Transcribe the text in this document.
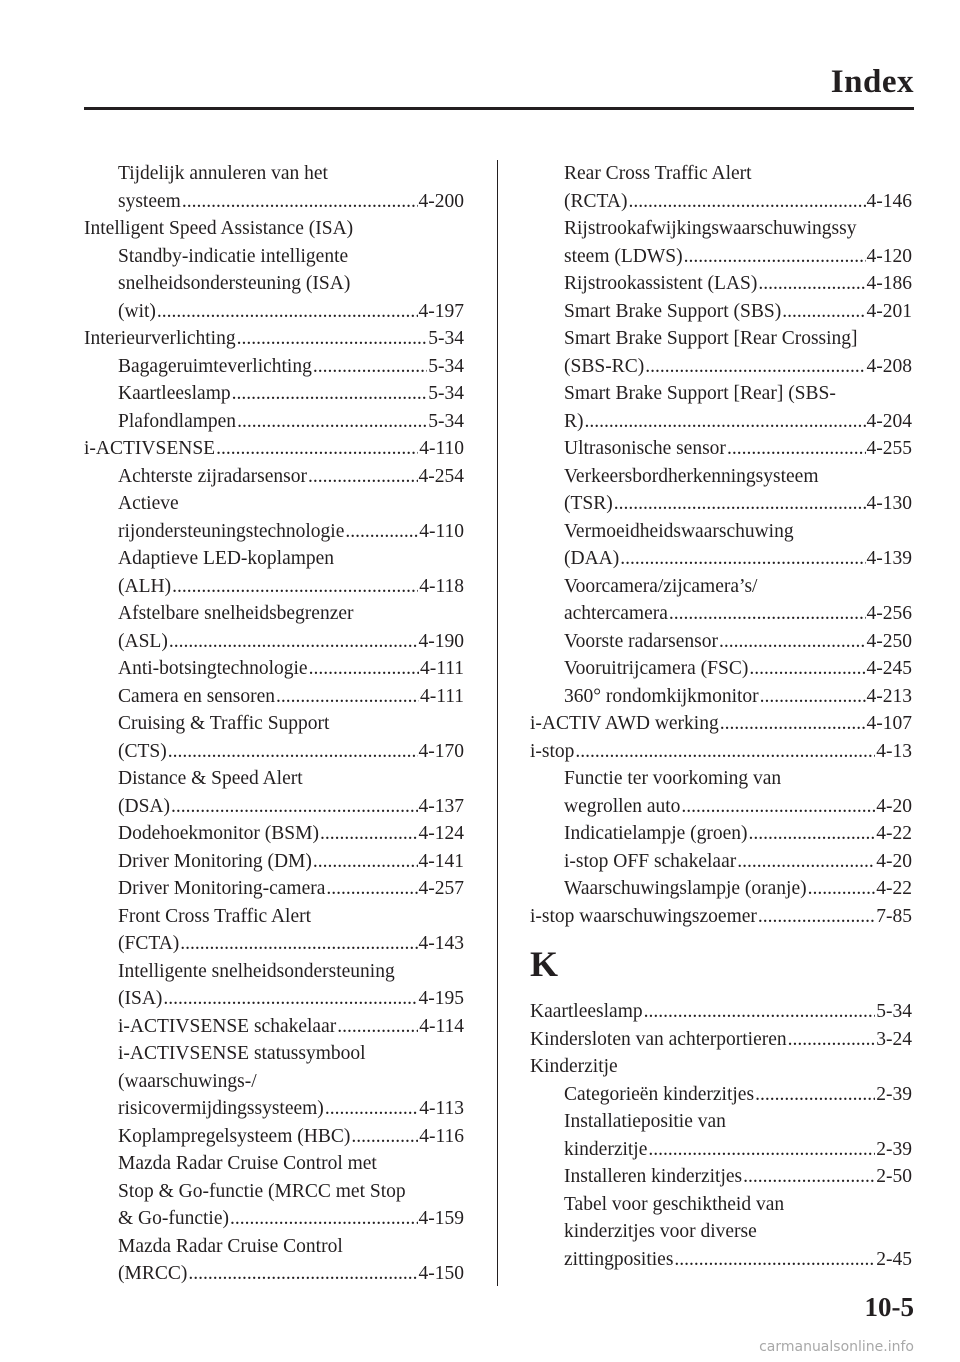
Index
Tijdelijk annuleren van het
systeem .....	4-200
Intelligent Speed Assistance (ISA)
Standby-indicatie intelligente
snelheidsondersteuning (ISA)
(wit) .....	4-197
Interieurverlichting .....	5-34
Bagageruimteverlichting .....	5-34
Kaartleeslamp .....	5-34
Plafondlampen .....	5-34
i-ACTIVSENSE .....	4-110
Achterste zijradarsensor .....	4-254
Actieve
rijondersteuningstechnologie .....	4-110
Adaptieve LED-koplampen
(ALH) .....	4-118
Afstelbare snelheidsbegrenzer
(ASL) .....	4-190
Anti-botsingtechnologie .....	4-111
Camera en sensoren .....	4-111
Cruising & Traffic Support
(CTS) .....	4-170
Distance & Speed Alert
(DSA) .....	4-137
Dodehoekmonitor (BSM) .....	4-124
Driver Monitoring (DM) .....	4-141
Driver Monitoring-camera .....	4-257
Front Cross Traffic Alert
(FCTA) .....	4-143
Intelligente snelheidsondersteuning
(ISA) .....	4-195
i-ACTIVSENSE schakelaar .....	4-114
i-ACTIVSENSE statussymbool
(waarschuwings-/
risicovermijdingssysteem) .....	4-113
Koplampregelsysteem (HBC) .....	4-116
Mazda Radar Cruise Control met
Stop & Go-functie (MRCC met Stop
& Go-functie) .....	4-159
Mazda Radar Cruise Control
(MRCC) .....	4-150
Rear Cross Traffic Alert
(RCTA) .....	4-146
Rijstrookafwijkingswaarschuwingssy
steem (LDWS) .....	4-120
Rijstrookassistent (LAS) .....	4-186
Smart Brake Support (SBS) .....	4-201
Smart Brake Support [Rear Crossing]
(SBS-RC) .....	4-208
Smart Brake Support [Rear] (SBS-
R) .....	4-204
Ultrasonische sensor .....	4-255
Verkeersbordherkenningsysteem
(TSR) .....	4-130
Vermoeidheidswaarschuwing
(DAA) .....	4-139
Voorcamera/zijcamera’s/
achtercamera .....	4-256
Voorste radarsensor .....	4-250
Vooruitrijcamera (FSC) .....	4-245
360° rondomkijkmonitor .....	4-213
i-ACTIV AWD werking .....	4-107
i-stop .....	4-13
Functie ter voorkoming van
wegrollen auto .....	4-20
Indicatielampje (groen) .....	4-22
i-stop OFF schakelaar .....	4-20
Waarschuwingslampje (oranje) .....	4-22
i-stop waarschuwingszoemer .....	7-85
K
Kaartleeslamp .....	5-34
Kindersloten van achterportieren .....	3-24
Kinderzitje
Categorieën kinderzitjes .....	2-39
Installatiepositie van
kinderzitje .....	2-39
Installeren kinderzitjes .....	2-50
Tabel voor geschiktheid van
kinderzitjes voor diverse
zittingposities .....	2-45
10-5
carmanualsonline.info
